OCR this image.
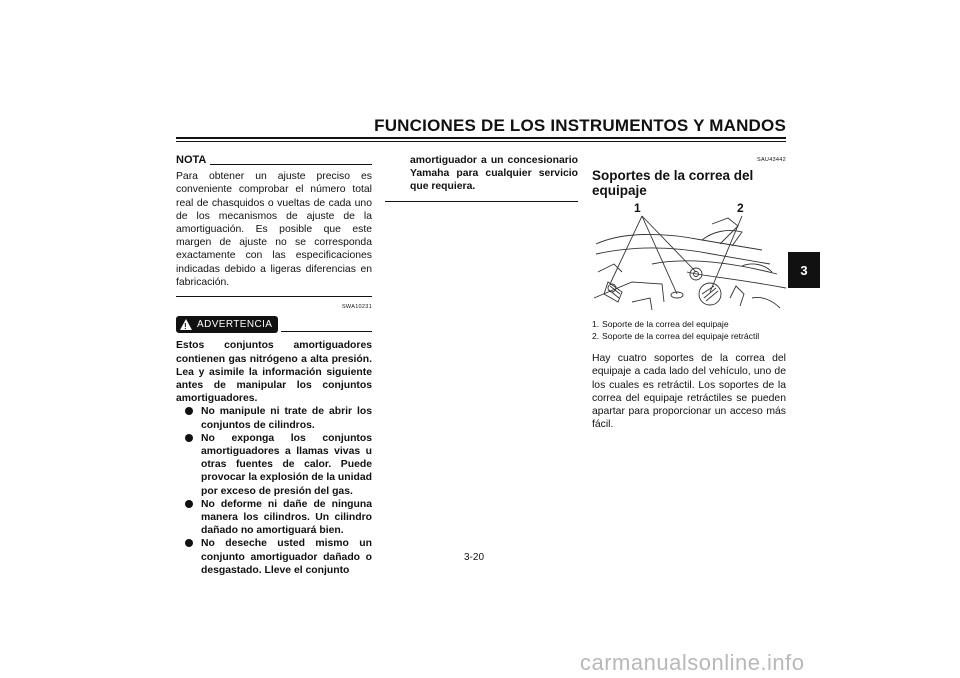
FUNCIONES DE LOS INSTRUMENTOS Y MANDOS
3
NOTA

Para obtener un ajuste preciso es conveniente comprobar el número total real de chasquidos o vueltas de cada uno de los mecanismos de ajuste de la amortiguación. Es posible que este margen de ajuste no se corresponda exactamente con las especificaciones indicadas debido a ligeras diferencias en fabricación.

SWA10231
! ADVERTENCIA

Estos conjuntos amortiguadores contienen gas nitrógeno a alta presión. Lea y asimile la información siguiente antes de manipular los conjuntos amortiguadores.

No manipule ni trate de abrir los conjuntos de cilindros.
No exponga los conjuntos amortiguadores a llamas vivas u otras fuentes de calor. Puede provocar la explosión de la unidad por exceso de presión del gas.
No deforme ni dañe de ninguna manera los cilindros. Un cilindro dañado no amortiguará bien.
No deseche usted mismo un conjunto amortiguador dañado o desgastado. Lleve el conjunto

amortiguador a un concesionario Yamaha para cualquier servicio que requiera.

SAU43442
Soportes de la correa del equipaje
1	2
1. Soporte de la correa del equipaje
2. Soporte de la correa del equipaje retráctil

Hay cuatro soportes de la correa del equipaje a cada lado del vehículo, uno de los cuales es retráctil. Los soportes de la correa del equipaje retráctiles se pueden apartar para proporcionar un acceso más fácil.

3-20
carmanualsonline.info
